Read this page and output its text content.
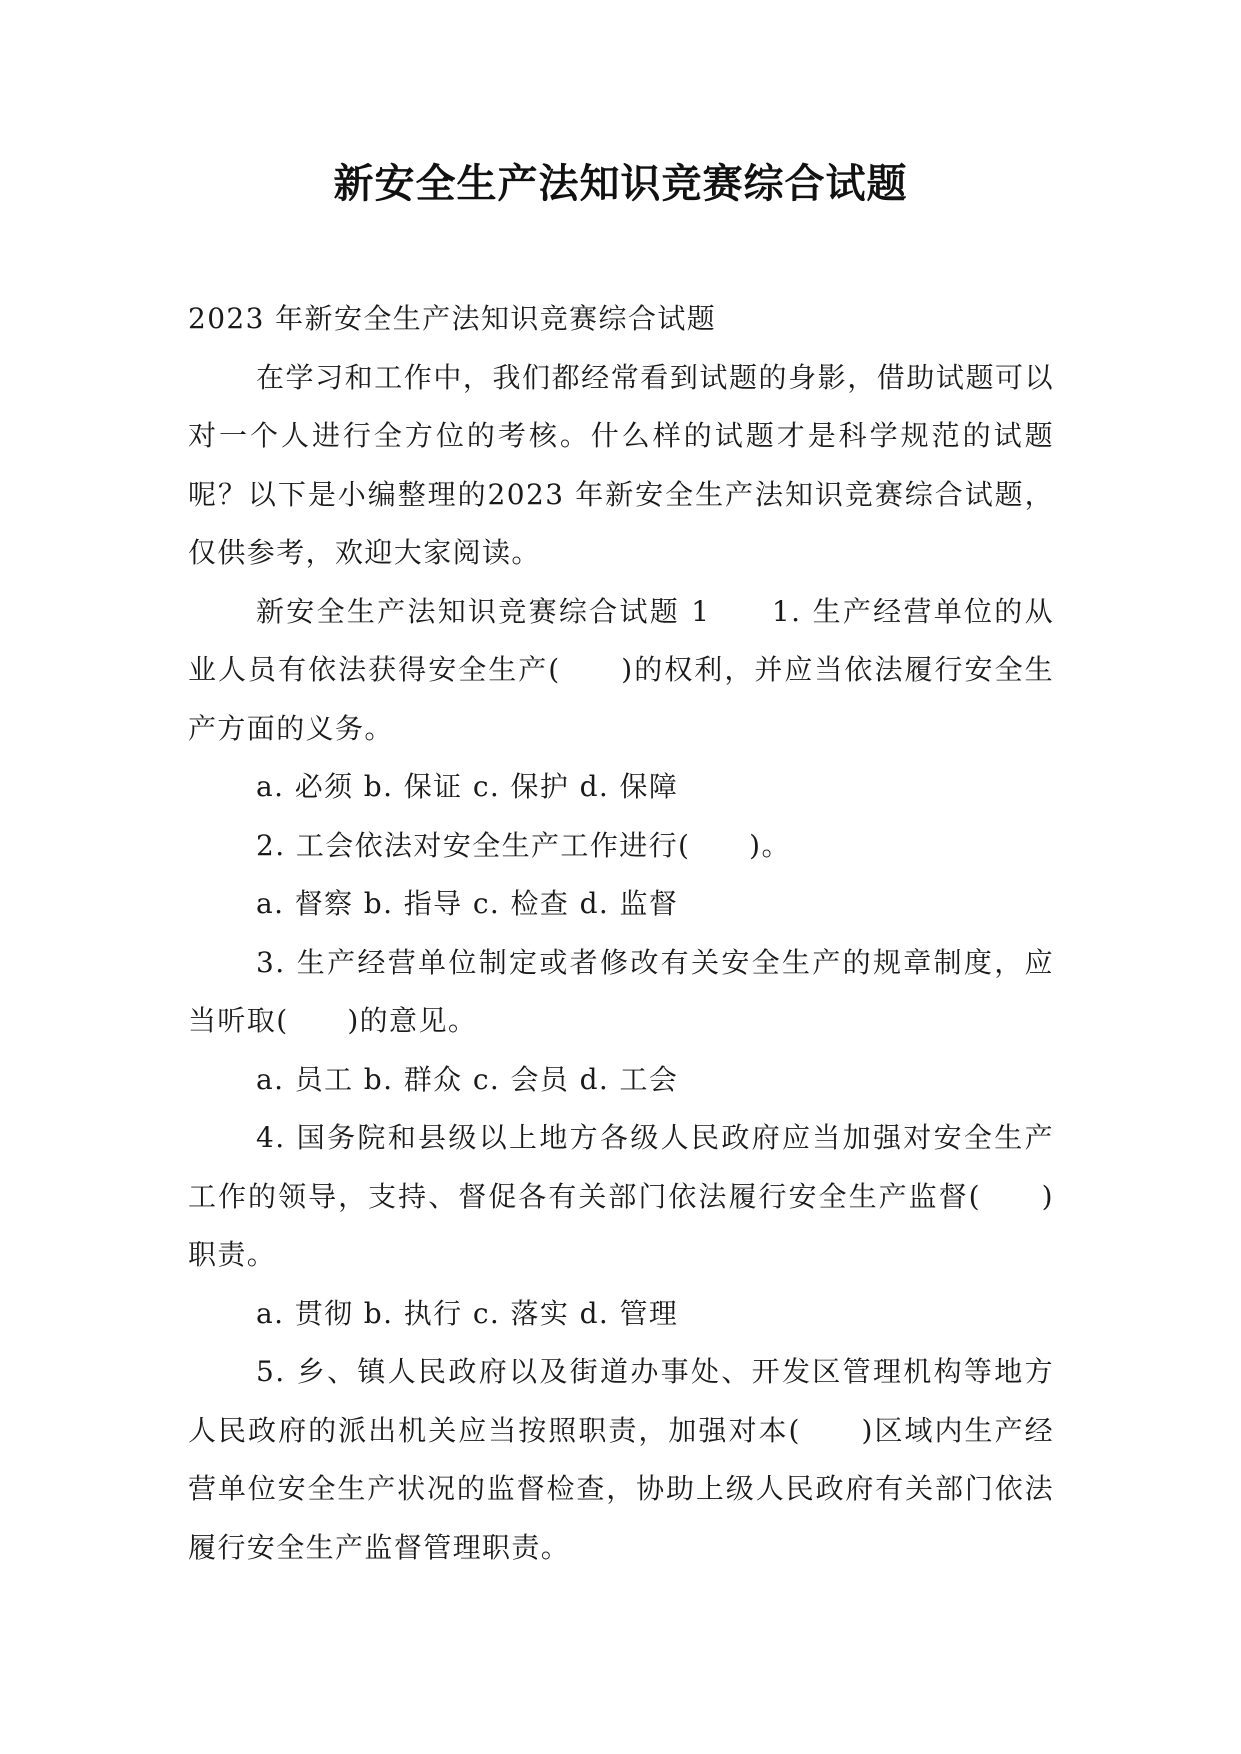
新安全生产法知识竞赛综合试题

2023 年新安全生产法知识竞赛综合试题

在学习和工作中，我们都经常看到试题的身影，借助试题可以对一个人进行全方位的考核。什么样的试题才是科学规范的试题呢？以下是小编整理的2023 年新安全生产法知识竞赛综合试题，仅供参考，欢迎大家阅读。

新安全生产法知识竞赛综合试题 1　　1. 生产经营单位的从业人员有依法获得安全生产(　　)的权利，并应当依法履行安全生产方面的义务。

a. 必须 b. 保证 c. 保护 d. 保障

2. 工会依法对安全生产工作进行(　　)。

a. 督察 b. 指导 c. 检查 d. 监督

3. 生产经营单位制定或者修改有关安全生产的规章制度，应当听取(　　)的意见。

a. 员工 b. 群众 c. 会员 d. 工会

4. 国务院和县级以上地方各级人民政府应当加强对安全生产工作的领导，支持、督促各有关部门依法履行安全生产监督(　　)职责。

a. 贯彻 b. 执行 c. 落实 d. 管理

5. 乡、镇人民政府以及街道办事处、开发区管理机构等地方人民政府的派出机关应当按照职责，加强对本(　　)区域内生产经营单位安全生产状况的监督检查，协助上级人民政府有关部门依法履行安全生产监督管理职责。
